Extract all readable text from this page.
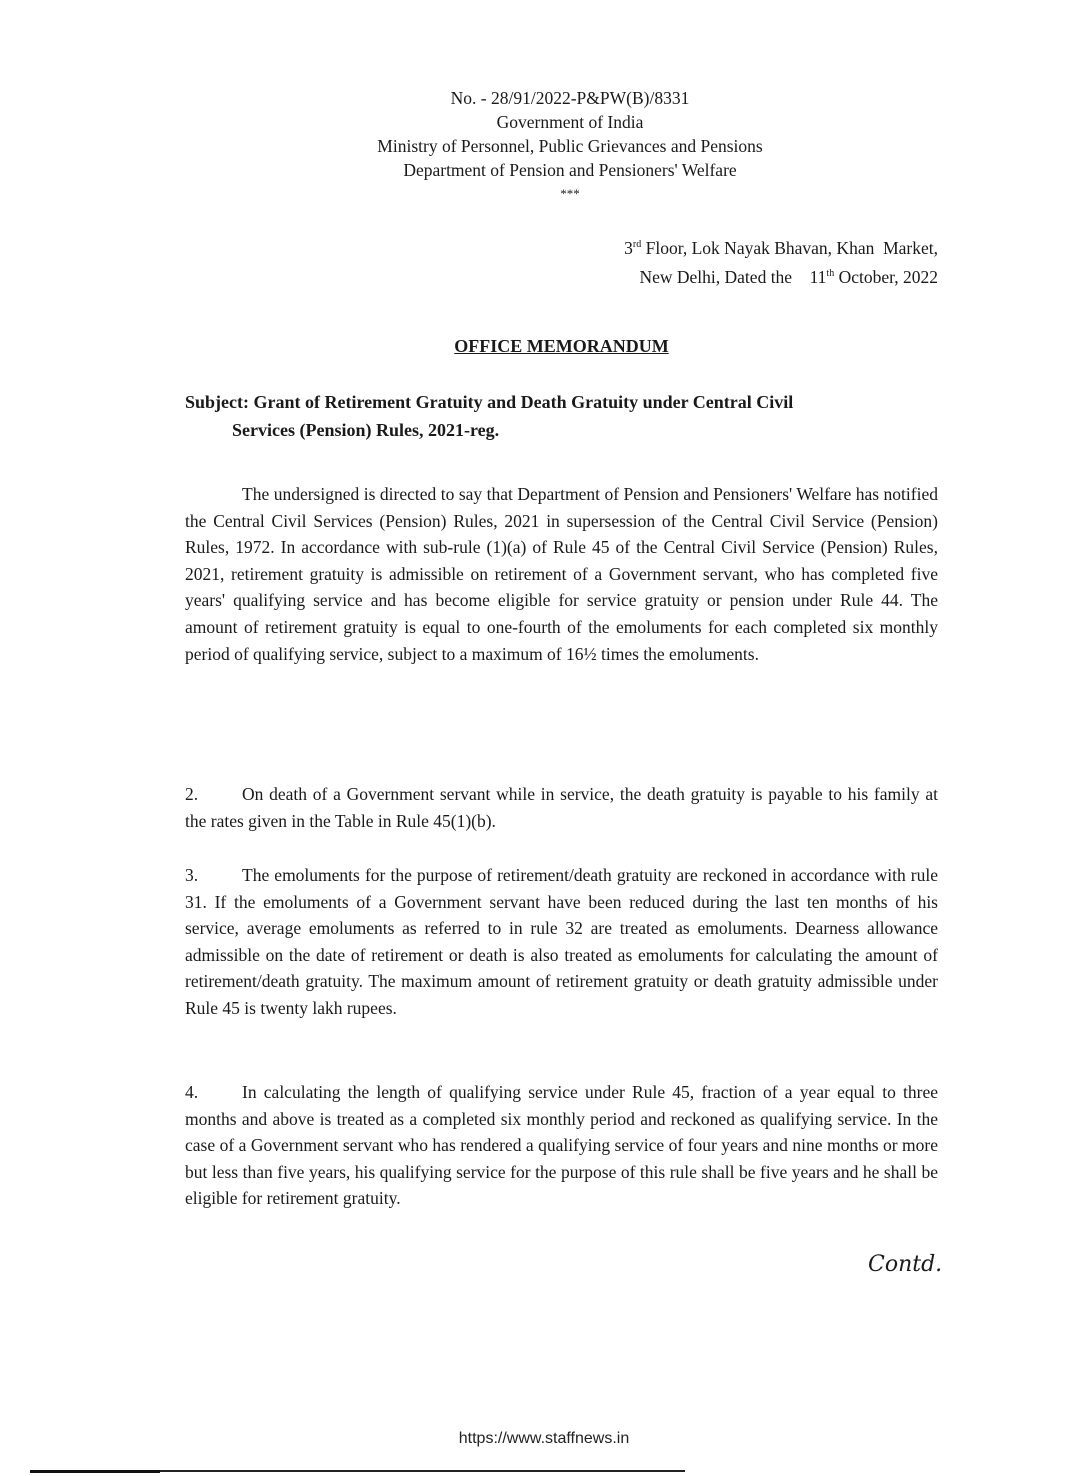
No. - 28/91/2022-P&PW(B)/8331
Government of India
Ministry of Personnel, Public Grievances and Pensions
Department of Pension and Pensioners' Welfare
***
3rd Floor, Lok Nayak Bhavan, Khan  Market,
New Delhi, Dated the    11th October, 2022
OFFICE MEMORANDUM
Subject: Grant of Retirement Gratuity and Death Gratuity under Central Civil
Services (Pension) Rules, 2021-reg.
The undersigned is directed to say that Department of Pension and Pensioners' Welfare has notified the Central Civil Services (Pension) Rules, 2021 in supersession of the Central Civil Service (Pension) Rules, 1972. In accordance with sub-rule (1)(a) of Rule 45 of the Central Civil Service (Pension) Rules, 2021, retirement gratuity is admissible on retirement of a Government servant, who has completed five years' qualifying service and has become eligible for service gratuity or pension under Rule 44. The amount of retirement gratuity is equal to one-fourth of the emoluments for each completed six monthly period of qualifying service, subject to a maximum of 16½ times the emoluments.
2.	On death of a Government servant while in service, the death gratuity is payable to his family at the rates given in the Table in Rule 45(1)(b).
3.	The emoluments for the purpose of retirement/death gratuity are reckoned in accordance with rule 31. If the emoluments of a Government servant have been reduced during the last ten months of his service, average emoluments as referred to in rule 32 are treated as emoluments. Dearness allowance admissible on the date of retirement or death is also treated as emoluments for calculating the amount of retirement/death gratuity. The maximum amount of retirement gratuity or death gratuity admissible under Rule 45 is twenty lakh rupees.
4.	In calculating the length of qualifying service under Rule 45, fraction of a year equal to three months and above is treated as a completed six monthly period and reckoned as qualifying service. In the case of a Government servant who has rendered a qualifying service of four years and nine months or more but less than five years, his qualifying service for the purpose of this rule shall be five years and he shall be eligible for retirement gratuity.
Contd.
https://www.staffnews.in
